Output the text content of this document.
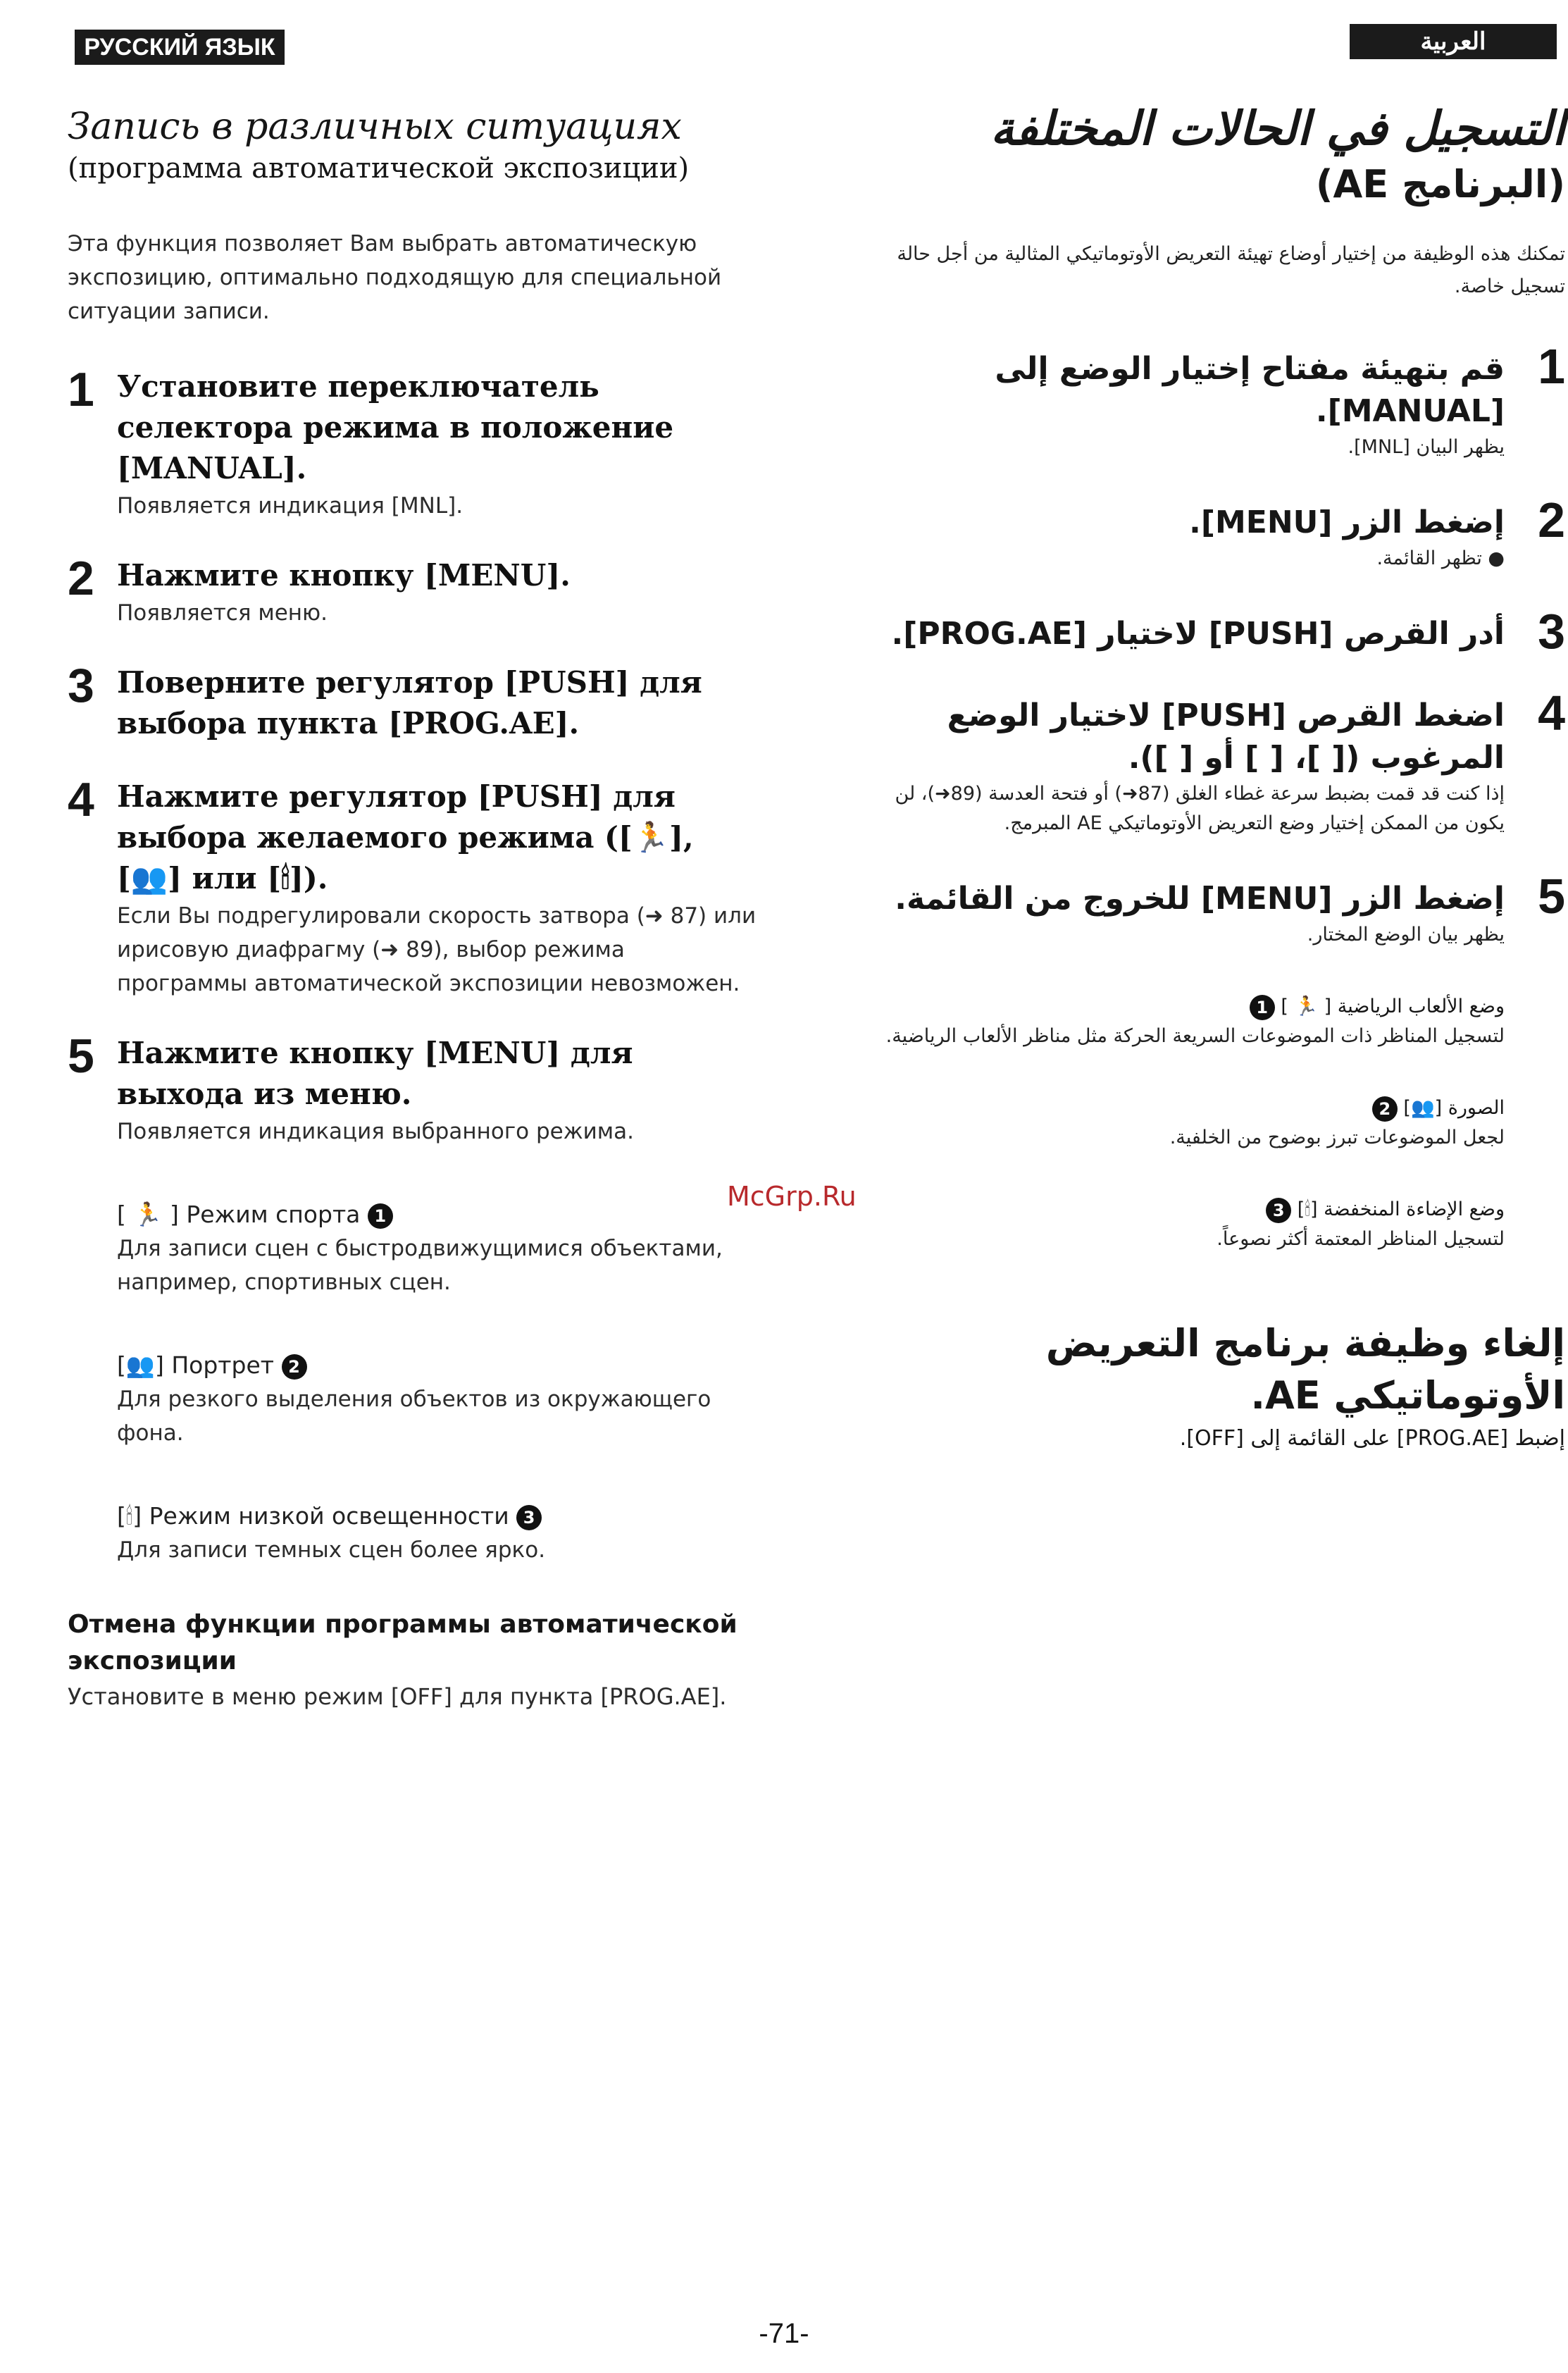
РУССКИЙ ЯЗЫК	العربية
McGrp.Ru
Запись в различных ситуациях
(программа автоматической экспозиции)
Эта функция позволяет Вам выбрать автоматическую экспозицию, оптимально подходящую для специальной ситуации записи.
1 Установите переключатель селектора режима в положение [MANUAL].
Появляется индикация [MNL].
2 Нажмите кнопку [MENU].
Появляется меню.
3 Поверните регулятор [PUSH] для выбора пункта [PROG.AE].
4 Нажмите регулятор [PUSH] для выбора желаемого режима ([🏃], [👥] или [🕯]).
Если Вы подрегулировали скорость затвора (➜ 87) или ирисовую диафрагму (➜ 89), выбор режима программы автоматической экспозиции невозможен.
5 Нажмите кнопку [MENU] для выхода из меню.
Появляется индикация выбранного режима.
[ 🏃 ] Режим спорта 1
Для записи сцен с быстродвижущимися объектами, например, спортивных сцен.
[👥] Портрет 2
Для резкого выделения объектов из окружающего фона.
[🕯] Режим низкой освещенности 3
Для записи темных сцен более ярко.
Отмена функции программы автоматической экспозиции
Установите в меню режим [OFF] для пункта [PROG.AE].
التسجيل في الحالات المختلفة
(البرنامج AE)
تمكنك هذه الوظيفة من إختيار أوضاع تهيئة التعريض الأوتوماتيكي المثالية من أجل حالة تسجيل خاصة.
1
قم بتهيئة مفتاح إختيار الوضع إلى [MANUAL].
يظهر البيان [MNL].
2
إضغط الزر [MENU].
● تظهر القائمة.
3
أدر القرص [PUSH] لاختيار [PROG.AE].
4
اضغط القرص [PUSH] لاختيار الوضع المرغوب ([ ]، [ ] أو [ ]).
إذا كنت قد قمت بضبط سرعة غطاء الغلق (87➜) أو فتحة العدسة (89➜)، لن يكون من الممكن إختيار وضع التعريض الأوتوماتيكي AE المبرمج.
5
إضغط الزر [MENU] للخروج من القائمة.
يظهر بيان الوضع المختار.
وضع الألعاب الرياضية [ 🏃 ] 1
لتسجيل المناظر ذات الموضوعات السريعة الحركة مثل مناظر الألعاب الرياضية.
الصورة [👥] 2
لجعل الموضوعات تبرز بوضوح من الخلفية.
وضع الإضاءة المنخفضة [🕯] 3
لتسجيل المناظر المعتمة أكثر نصوعاً.
إلغاء وظيفة برنامج التعريض الأوتوماتيكي AE.
إضبط [PROG.AE] على القائمة إلى [OFF].
-71-
